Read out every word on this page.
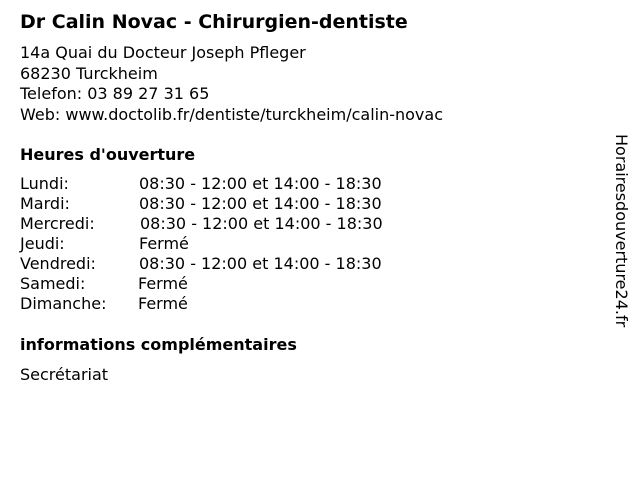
Dr Calin Novac - Chirurgien-dentiste
14a Quai du Docteur Joseph Pfleger
68230 Turckheim
Telefon: 03 89 27 31 65
Web: www.doctolib.fr/dentiste/turckheim/calin-novac
Heures d'ouverture
Lundi:	08:30 - 12:00 et 14:00 - 18:30
Mardi:	08:30 - 12:00 et 14:00 - 18:30
Mercredi:	08:30 - 12:00 et 14:00 - 18:30
Jeudi:	Fermé
Vendredi:	08:30 - 12:00 et 14:00 - 18:30
Samedi:	Fermé
Dimanche: Fermé
informations complémentaires
Secrétariat
Horairesdouverture24.fr
